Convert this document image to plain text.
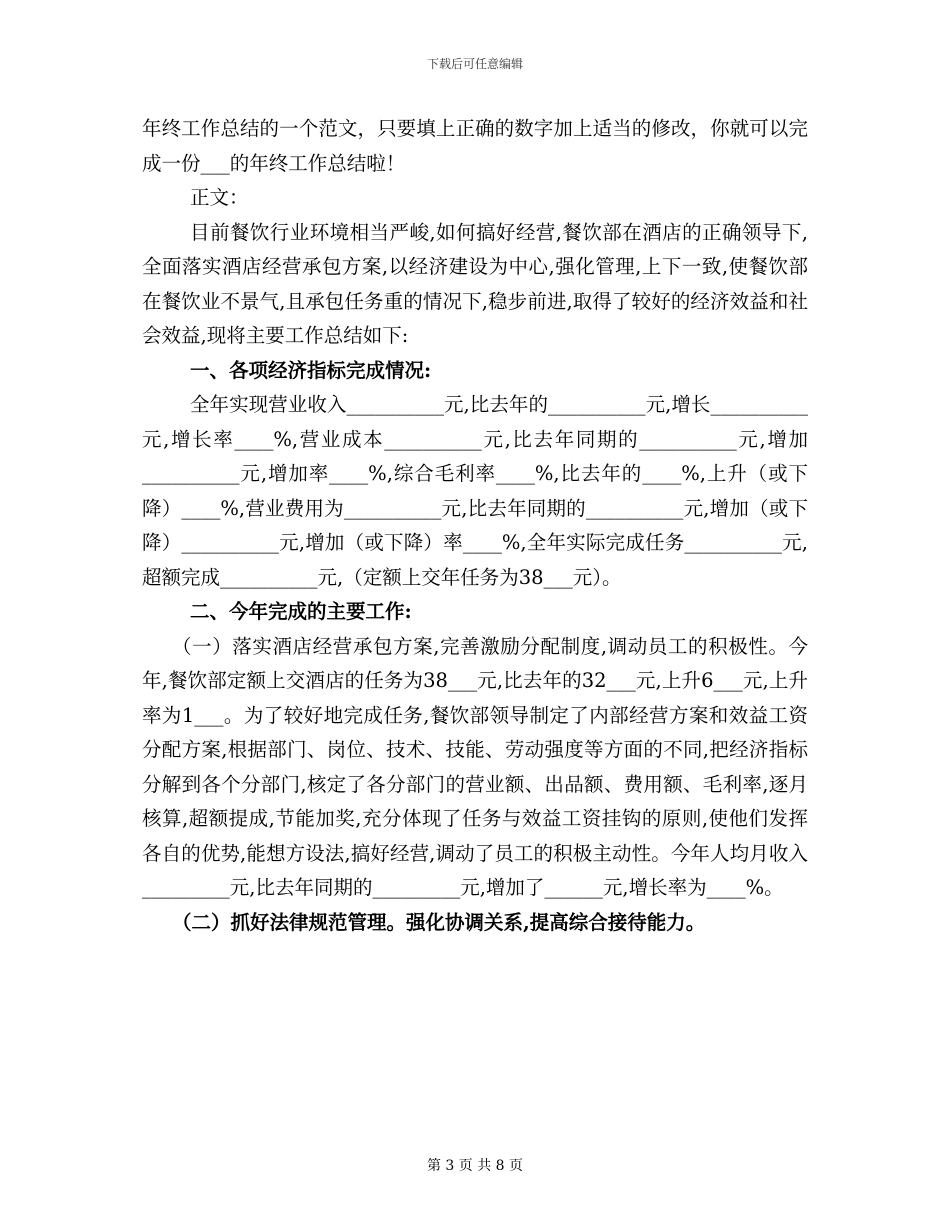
下载后可任意编辑

年终工作总结的一个范文，只要填上正确的数字加上适当的修改，你就可以完成一份___的年终工作总结啦！

正文：

目前餐饮行业环境相当严峻,如何搞好经营,餐饮部在酒店的正确领导下,全面落实酒店经营承包方案,以经济建设为中心,强化管理,上下一致,使餐饮部在餐饮业不景气,且承包任务重的情况下,稳步前进,取得了较好的经济效益和社会效益,现将主要工作总结如下:

一、各项经济指标完成情况:

全年实现营业收入__________元,比去年的__________元,增长__________元,增长率____%,营业成本__________元,比去年同期的__________元,增加__________元,增加率____%,综合毛利率____%,比去年的____%,上升（或下降）____%,营业费用为__________元,比去年同期的__________元,增加（或下降）__________元,增加（或下降）率____%,全年实际完成任务__________元,超额完成__________元,（定额上交年任务为38___元）。

二、今年完成的主要工作:

（一）落实酒店经营承包方案,完善激励分配制度,调动员工的积极性。今年,餐饮部定额上交酒店的任务为38___元,比去年的32___元,上升6___元,上升率为1___。为了较好地完成任务,餐饮部领导制定了内部经营方案和效益工资分配方案,根据部门、岗位、技术、技能、劳动强度等方面的不同,把经济指标分解到各个分部门,核定了各分部门的营业额、出品额、费用额、毛利率,逐月核算,超额提成,节能加奖,充分体现了任务与效益工资挂钩的原则,使他们发挥各自的优势,能想方设法,搞好经营,调动了员工的积极主动性。今年人均月收入_________元,比去年同期的_________元,增加了______元,增长率为____%。

（二）抓好法律规范管理。强化协调关系,提高综合接待能力。

第 3 页 共 8 页
